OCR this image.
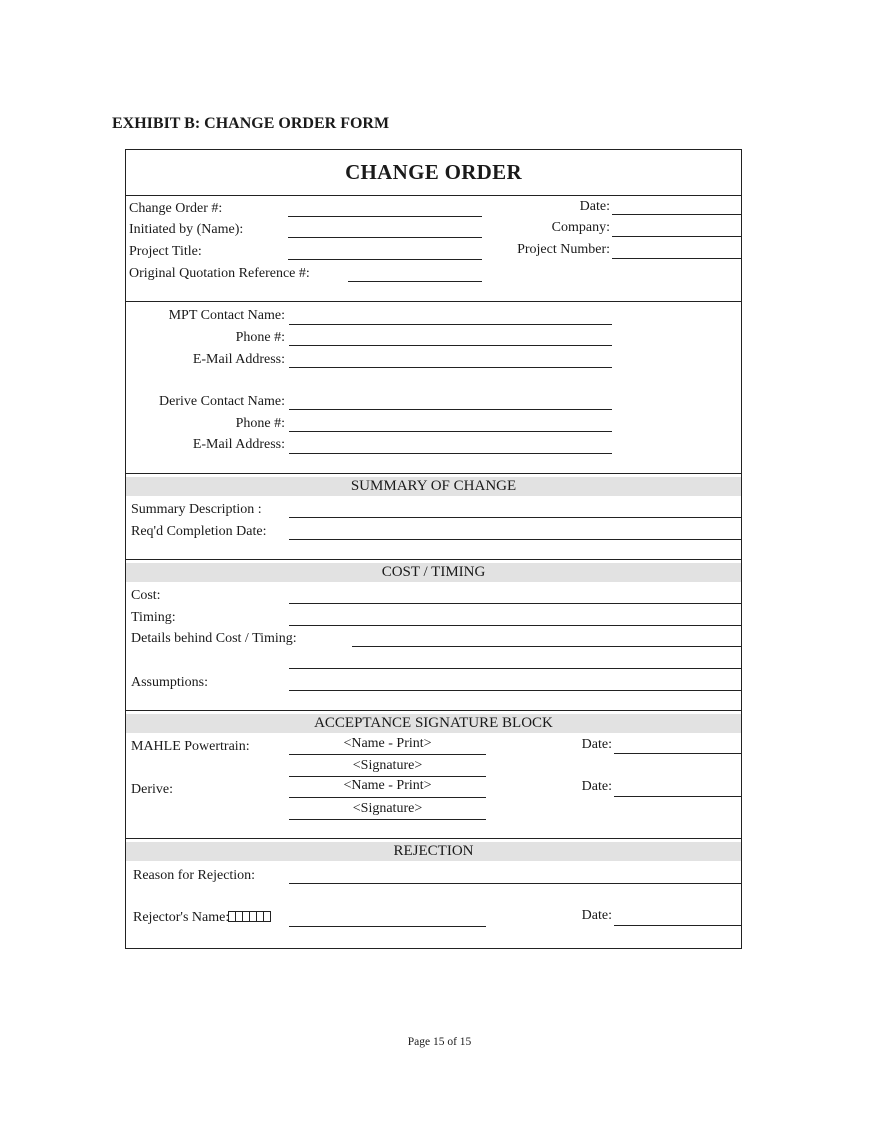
EXHIBIT B: CHANGE ORDER FORM
CHANGE ORDER
Change Order #:
Initiated by (Name):
Project Title:
Original Quotation Reference #:
Date:
Company:
Project Number:
MPT Contact Name:
Phone #:
E-Mail Address:
Derive Contact Name:
Phone #:
E-Mail Address:
SUMMARY OF CHANGE
Summary Description :
Req'd Completion Date:
COST / TIMING
Cost:
Timing:
Details behind Cost / Timing:
Assumptions:
ACCEPTANCE SIGNATURE BLOCK
MAHLE Powertrain:	<Name - Print>
<Signature>
Date:
Derive:	<Name - Print>
<Signature>
Date:
REJECTION
Reason for Rejection:
Rejector's Name:	Date:
Page 15 of 15
